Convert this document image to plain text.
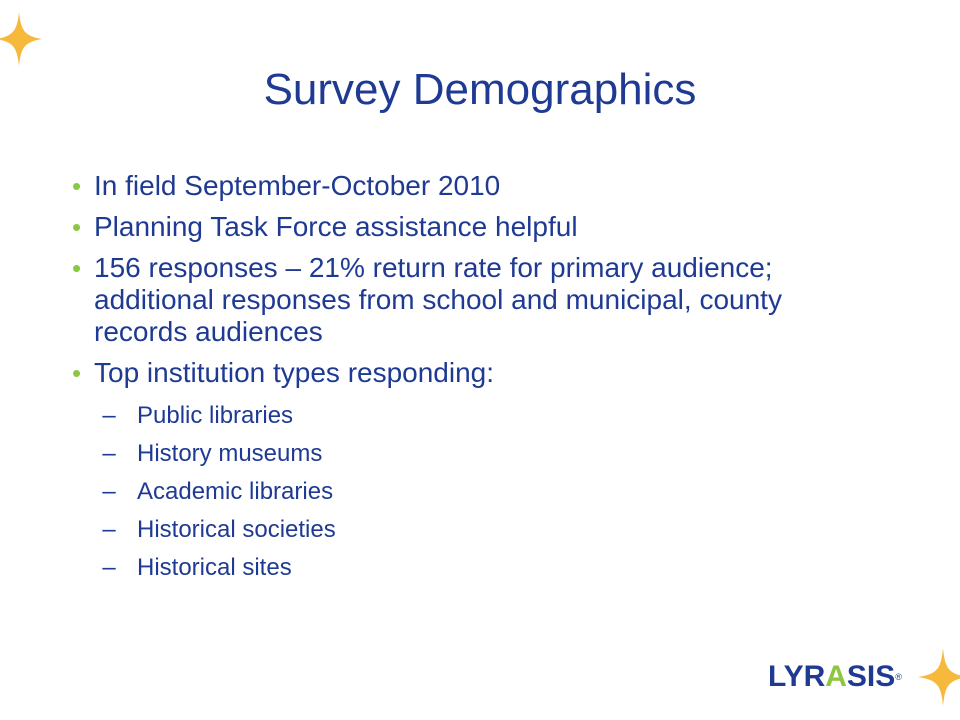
Survey Demographics
• In field September-October 2010
• Planning Task Force assistance helpful
• 156 responses – 21% return rate for primary audience; additional responses from school and municipal, county records audiences
• Top institution types responding:
– Public libraries
– History museums
– Academic libraries
– Historical societies
– Historical sites
LYRASIS®
